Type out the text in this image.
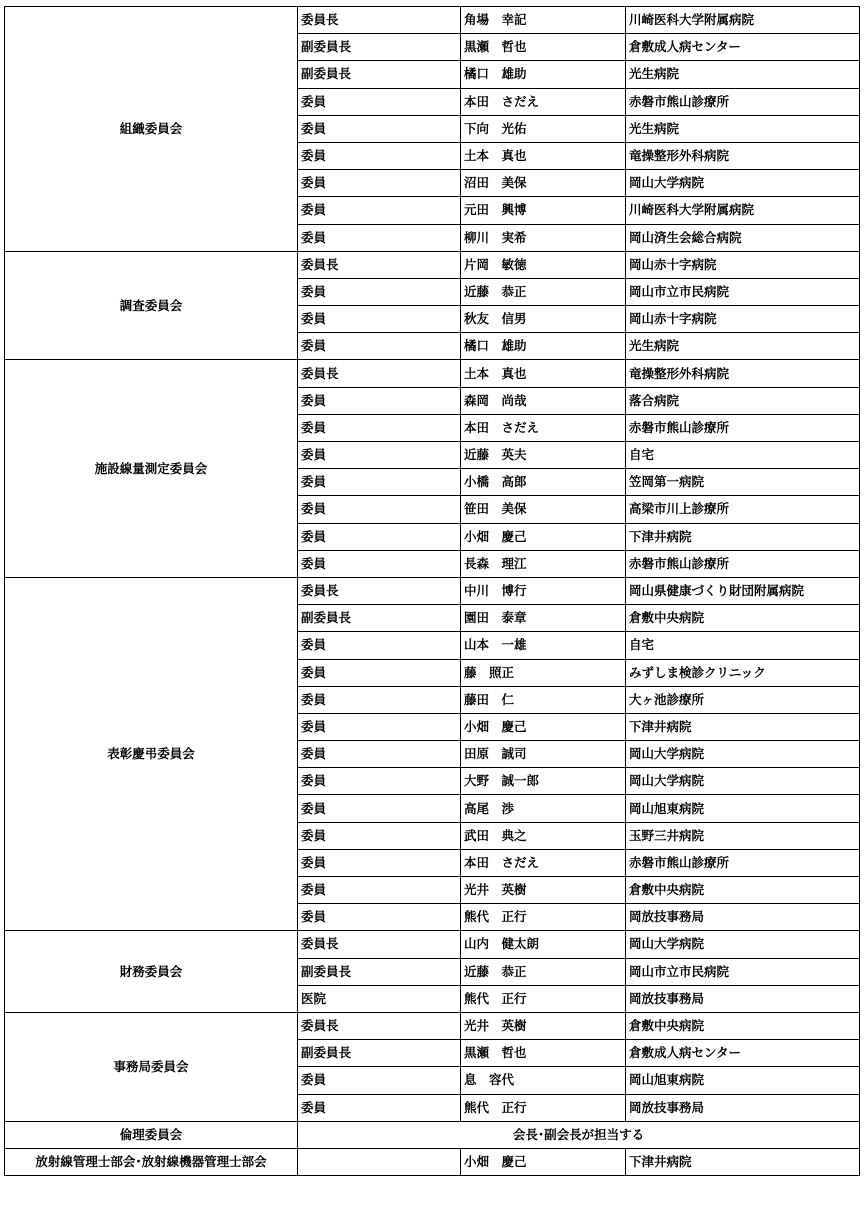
組織委員会	委員長	角場　幸記	川崎医科大学附属病院
	副委員長	黒瀬　哲也	倉敷成人病センター
	副委員長	橘口　雄助	光生病院
	委員	本田　さだえ	赤磐市熊山診療所
	委員	下向　光佑	光生病院
	委員	土本　真也	竜操整形外科病院
	委員	沼田　美保	岡山大学病院
	委員	元田　興博	川崎医科大学附属病院
	委員	柳川　実希	岡山済生会総合病院
調査委員会	委員長	片岡　敏徳	岡山赤十字病院
	委員	近藤　恭正	岡山市立市民病院
	委員	秋友　信男	岡山赤十字病院
	委員	橘口　雄助	光生病院
施設線量測定委員会	委員長	土本　真也	竜操整形外科病院
	委員	森岡　尚哉	落合病院
	委員	本田　さだえ	赤磐市熊山診療所
	委員	近藤　英夫	自宅
	委員	小橋　高郎	笠岡第一病院
	委員	笹田　美保	高梁市川上診療所
	委員	小畑　慶己	下津井病院
	委員	長森　理江	赤磐市熊山診療所
表彰慶弔委員会	委員長	中川　博行	岡山県健康づくり財団附属病院
	副委員長	園田　泰章	倉敷中央病院
	委員	山本　一雄	自宅
	委員	藤　照正	みずしま検診クリニック
	委員	藤田　仁	大ヶ池診療所
	委員	小畑　慶己	下津井病院
	委員	田原　誠司	岡山大学病院
	委員	大野　誠一郎	岡山大学病院
	委員	高尾　渉	岡山旭東病院
	委員	武田　典之	玉野三井病院
	委員	本田　さだえ	赤磐市熊山診療所
	委員	光井　英樹	倉敷中央病院
	委員	熊代　正行	岡放技事務局
財務委員会	委員長	山内　健太朗	岡山大学病院
	副委員長	近藤　恭正	岡山市立市民病院
	医院	熊代　正行	岡放技事務局
事務局委員会	委員長	光井　英樹	倉敷中央病院
	副委員長	黒瀬　哲也	倉敷成人病センター
	委員	息　容代	岡山旭東病院
	委員	熊代　正行	岡放技事務局
倫理委員会	会長･副会長が担当する		
放射線管理士部会･放射線機器管理士部会		小畑　慶己	下津井病院
